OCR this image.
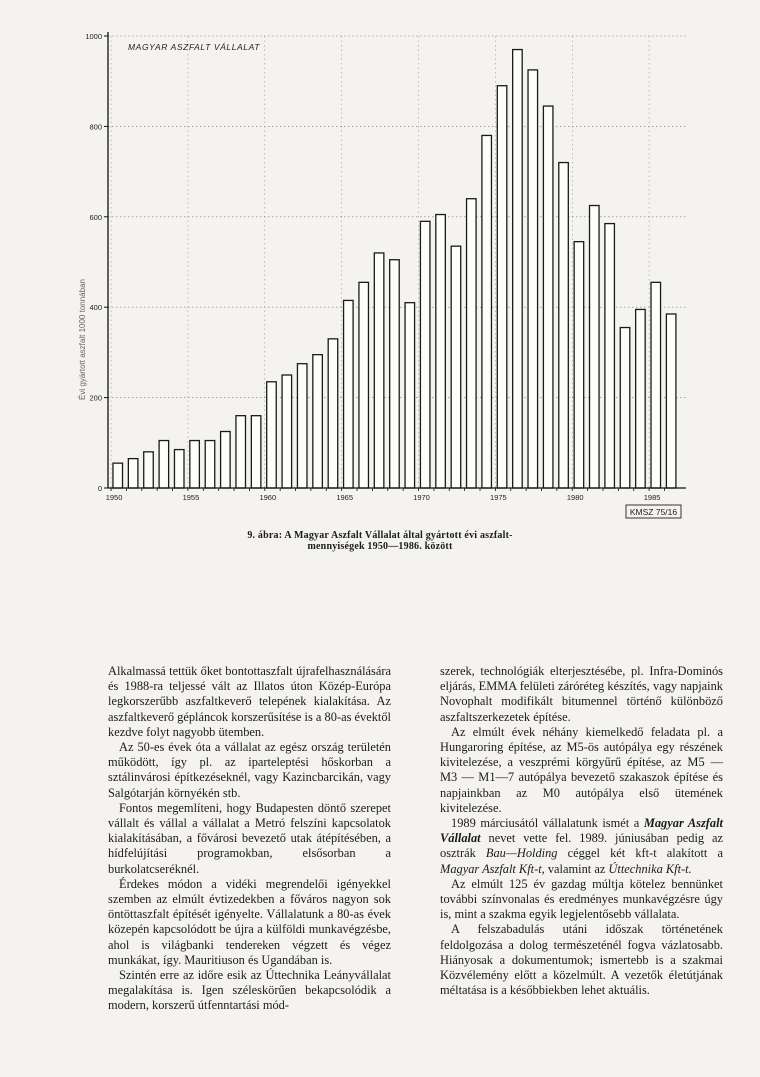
MAGYAR ASZFALT VÁLLALAT
Évi gyártott aszfalt 1000 tonnában
0
200
400
600
800
1000
1950	1955	1960	1965	1970	1975	1980	1985
KMSZ 75/16
9. ábra: A Magyar Aszfalt Vállalat által gyártott évi aszfalt-
mennyiségek 1950—1986. között

Alkalmassá tettük őket bontottaszfalt újrafelhasználására és 1988-ra teljessé vált az Illatos úton Közép-Európa legkorszerűbb aszfaltkeverő telepének kialakítása. Az aszfaltkeverő gépláncok korszerűsítése is a 80-as évektől kezdve folyt nagyobb ütemben.

Az 50-es évek óta a vállalat az egész ország területén működött, így pl. az iparteleptési hőskorban a sztálinvárosi építkezéseknél, vagy Kazincbarcikán, vagy Salgótarján környékén stb.

Fontos megemlíteni, hogy Budapesten döntő szerepet vállalt és vállal a vállalat a Metró felszíni kapcsolatok kialakításában, a fővárosi bevezető utak átépítésében, a hídfelújítási programokban, elsősorban a burkolatcseréknél.

Érdekes módon a vidéki megrendelői igényekkel szemben az elmúlt évtizedekben a főváros nagyon sok öntöttaszfalt építését igényelte. Vállalatunk a 80-as évek közepén kapcsolódott be újra a külföldi munkavégzésbe, ahol is világbanki tendereken végzett és végez munkákat, így. Mauritiuson és Ugandában is.

Szintén erre az időre esik az Úttechnika Leányvállalat megalakítása is. Igen széleskörűen bekapcsolódik a modern, korszerű útfenntartási mód-

szerek, technológiák elterjesztésébe, pl. Infra-Dominós eljárás, EMMA felületi záróréteg készítés, vagy napjaink Novophalt modifikált bitumennel történő különböző aszfaltszerkezetek építése.

Az elmúlt évek néhány kiemelkedő feladata pl. a Hungaroring építése, az M5-ös autópálya egy részének kivitelezése, a veszprémi körgyűrű építése, az M5 — M3 — M1—7 autópálya bevezető szakaszok építése és napjainkban az M0 autópálya első ütemének kivitelezése.

1989 márciusától vállalatunk ismét a Magyar Aszfalt Vállalat nevet vette fel. 1989. júniusában pedig az osztrák Bau—Holding céggel két kft-t alakított a Magyar Aszfalt Kft-t, valamint az Úttechnika Kft-t.

Az elmúlt 125 év gazdag múltja kötelez bennünket további színvonalas és eredményes munkavégzésre úgy is, mint a szakma egyik legjelentősebb vállalata.

A felszabadulás utáni időszak történetének feldolgozása a dolog természeténél fogva vázlatosabb. Hiányosak a dokumentumok; ismertebb is a szakmai Közvélemény előtt a közelmúlt. A vezetők életútjának méltatása is a későbbiekben lehet aktuális.
